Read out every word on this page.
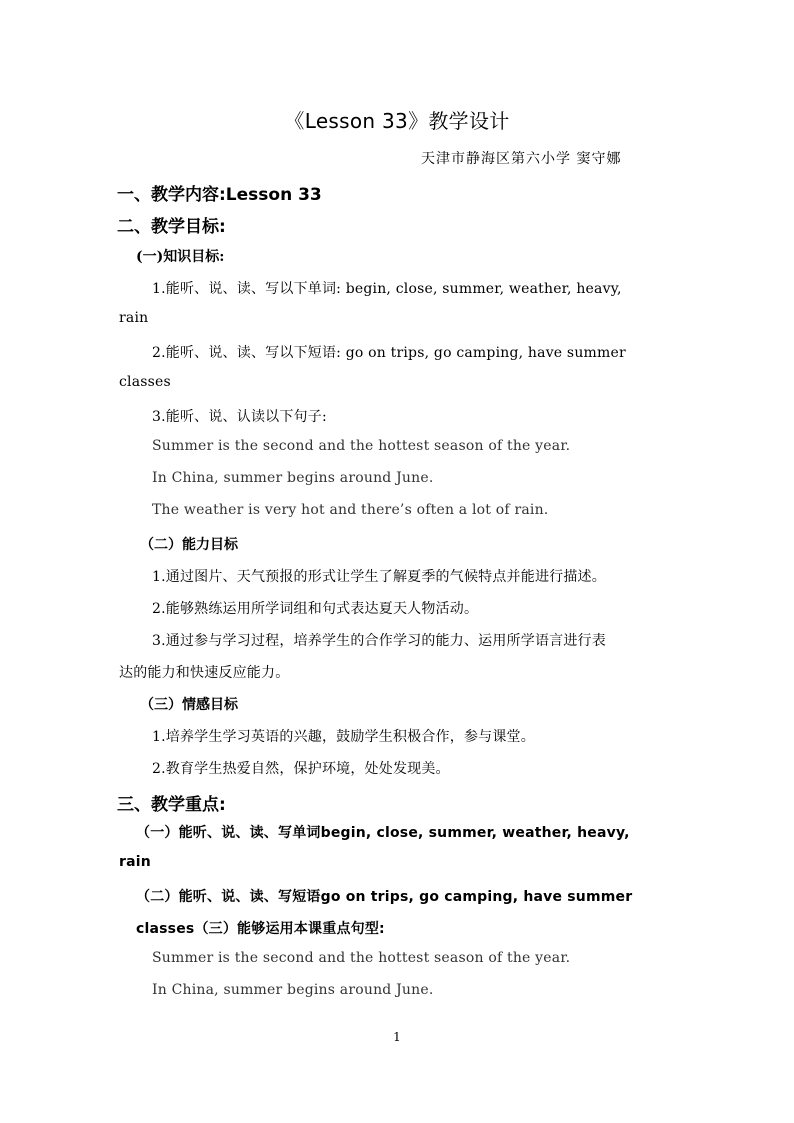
《Lesson 33》教学设计
天津市静海区第六小学 窦守娜
一、教学内容:Lesson 33
二、教学目标:
(一)知识目标:
1.能听、说、读、写以下单词: begin, close, summer, weather, heavy,
rain
2.能听、说、读、写以下短语: go on trips, go camping, have summer
classes
3.能听、说、认读以下句子:
Summer is the second and the hottest season of the year.
In China, summer begins around June.
The weather is very hot and there’s often a lot of rain.
（二）能力目标
1.通过图片、天气预报的形式让学生了解夏季的气候特点并能进行描述。
2.能够熟练运用所学词组和句式表达夏天人物活动。
3.通过参与学习过程，培养学生的合作学习的能力、运用所学语言进行表
达的能力和快速反应能力。
（三）情感目标
1.培养学生学习英语的兴趣，鼓励学生积极合作，参与课堂。
2.教育学生热爱自然，保护环境，处处发现美。
三、教学重点:
（一）能听、说、读、写单词begin, close, summer, weather, heavy,
rain
（二）能听、说、读、写短语go on trips, go camping, have summer
classes（三）能够运用本课重点句型:
Summer is the second and the hottest season of the year.
In China, summer begins around June.
1
